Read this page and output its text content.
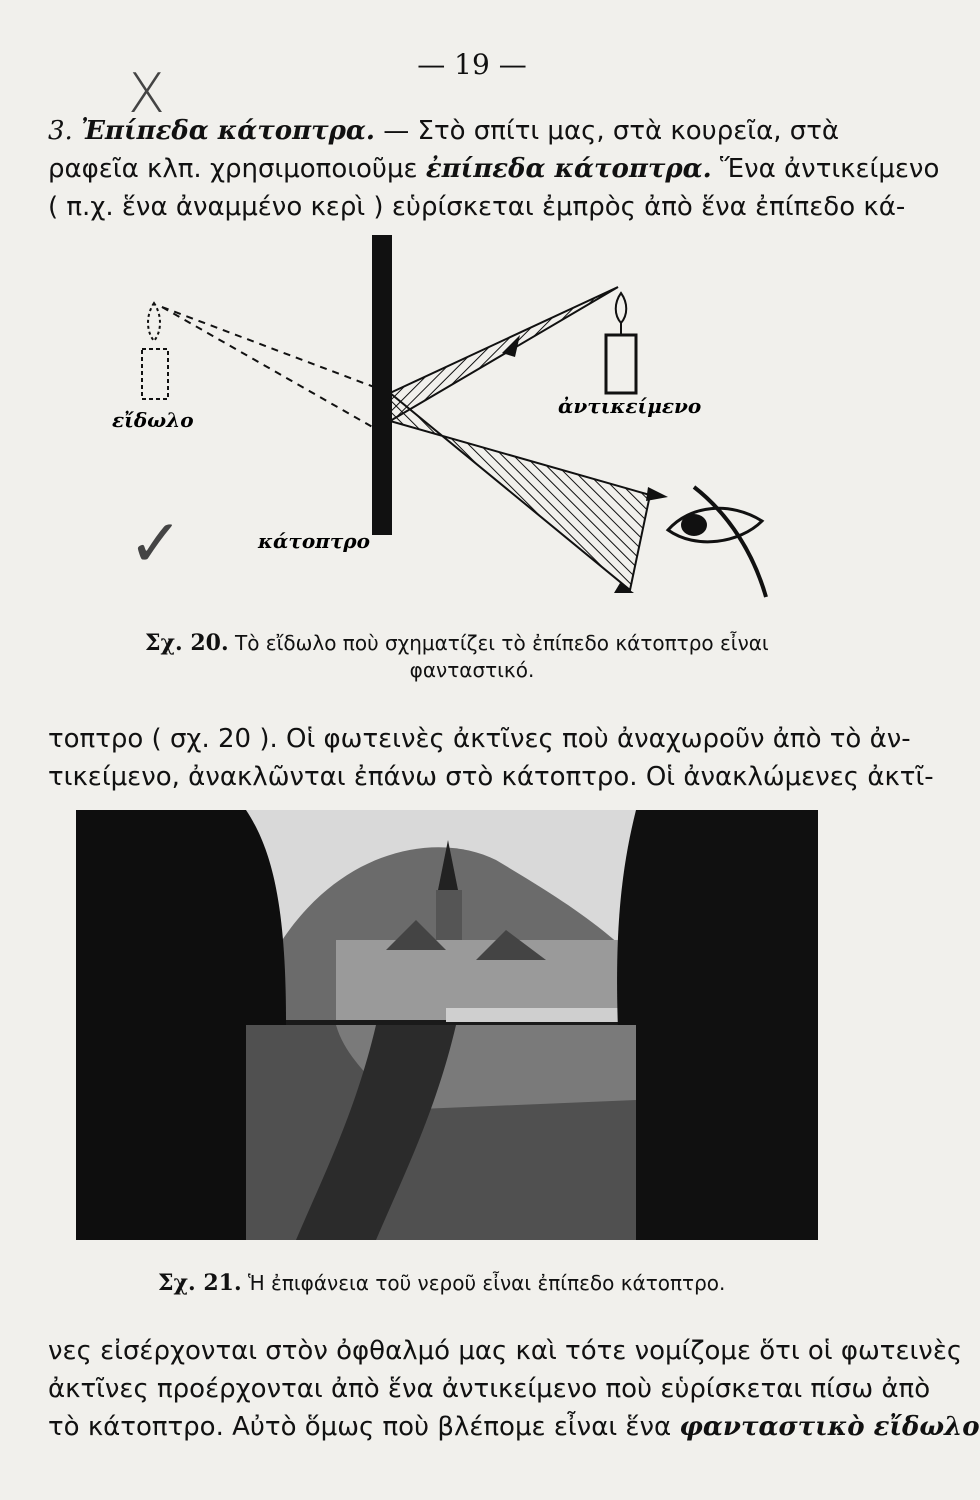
— 19 —
X
3. Ἐπίπεδα κάτοπτρα. — Στὸ σπίτι μας, στὰ κουρεῖα, στὰ
ραφεῖα κλπ. χρησιμοποιοῦμε ἐπίπεδα κάτοπτρα. Ἕνα ἀντικείμενο
( π.χ. ἕνα ἀναμμένο κερὶ ) εὑρίσκεται ἐμπρὸς ἀπὸ ἕνα ἐπίπεδο κά-
εἴδωλο
ἀντικείμενο
κάτοπτρο
✓
Σχ. 20. Τὸ εἴδωλο ποὺ σχηματίζει τὸ ἐπίπεδο κάτοπτρο εἶναι
φανταστικό.
τοπτρο ( σχ. 20 ). Οἱ φωτεινὲς ἀκτῖνες ποὺ ἀναχωροῦν ἀπὸ τὸ ἀν-
τικείμενο, ἀνακλῶνται ἐπάνω στὸ κάτοπτρο. Οἱ ἀνακλώμενες ἀκτῖ-
Σχ. 21. Ἡ ἐπιφάνεια τοῦ νεροῦ εἶναι ἐπίπεδο κάτοπτρο.
νες εἰσέρχονται στὸν ὀφθαλμό μας καὶ τότε νομίζομε ὅτι οἱ φωτεινὲς
ἀκτῖνες προέρχονται ἀπὸ ἕνα ἀντικείμενο ποὺ εὑρίσκεται πίσω ἀπὸ
τὸ κάτοπτρο. Αὐτὸ ὅμως ποὺ βλέπομε εἶναι ἕνα φανταστικὸ εἴδωλο
